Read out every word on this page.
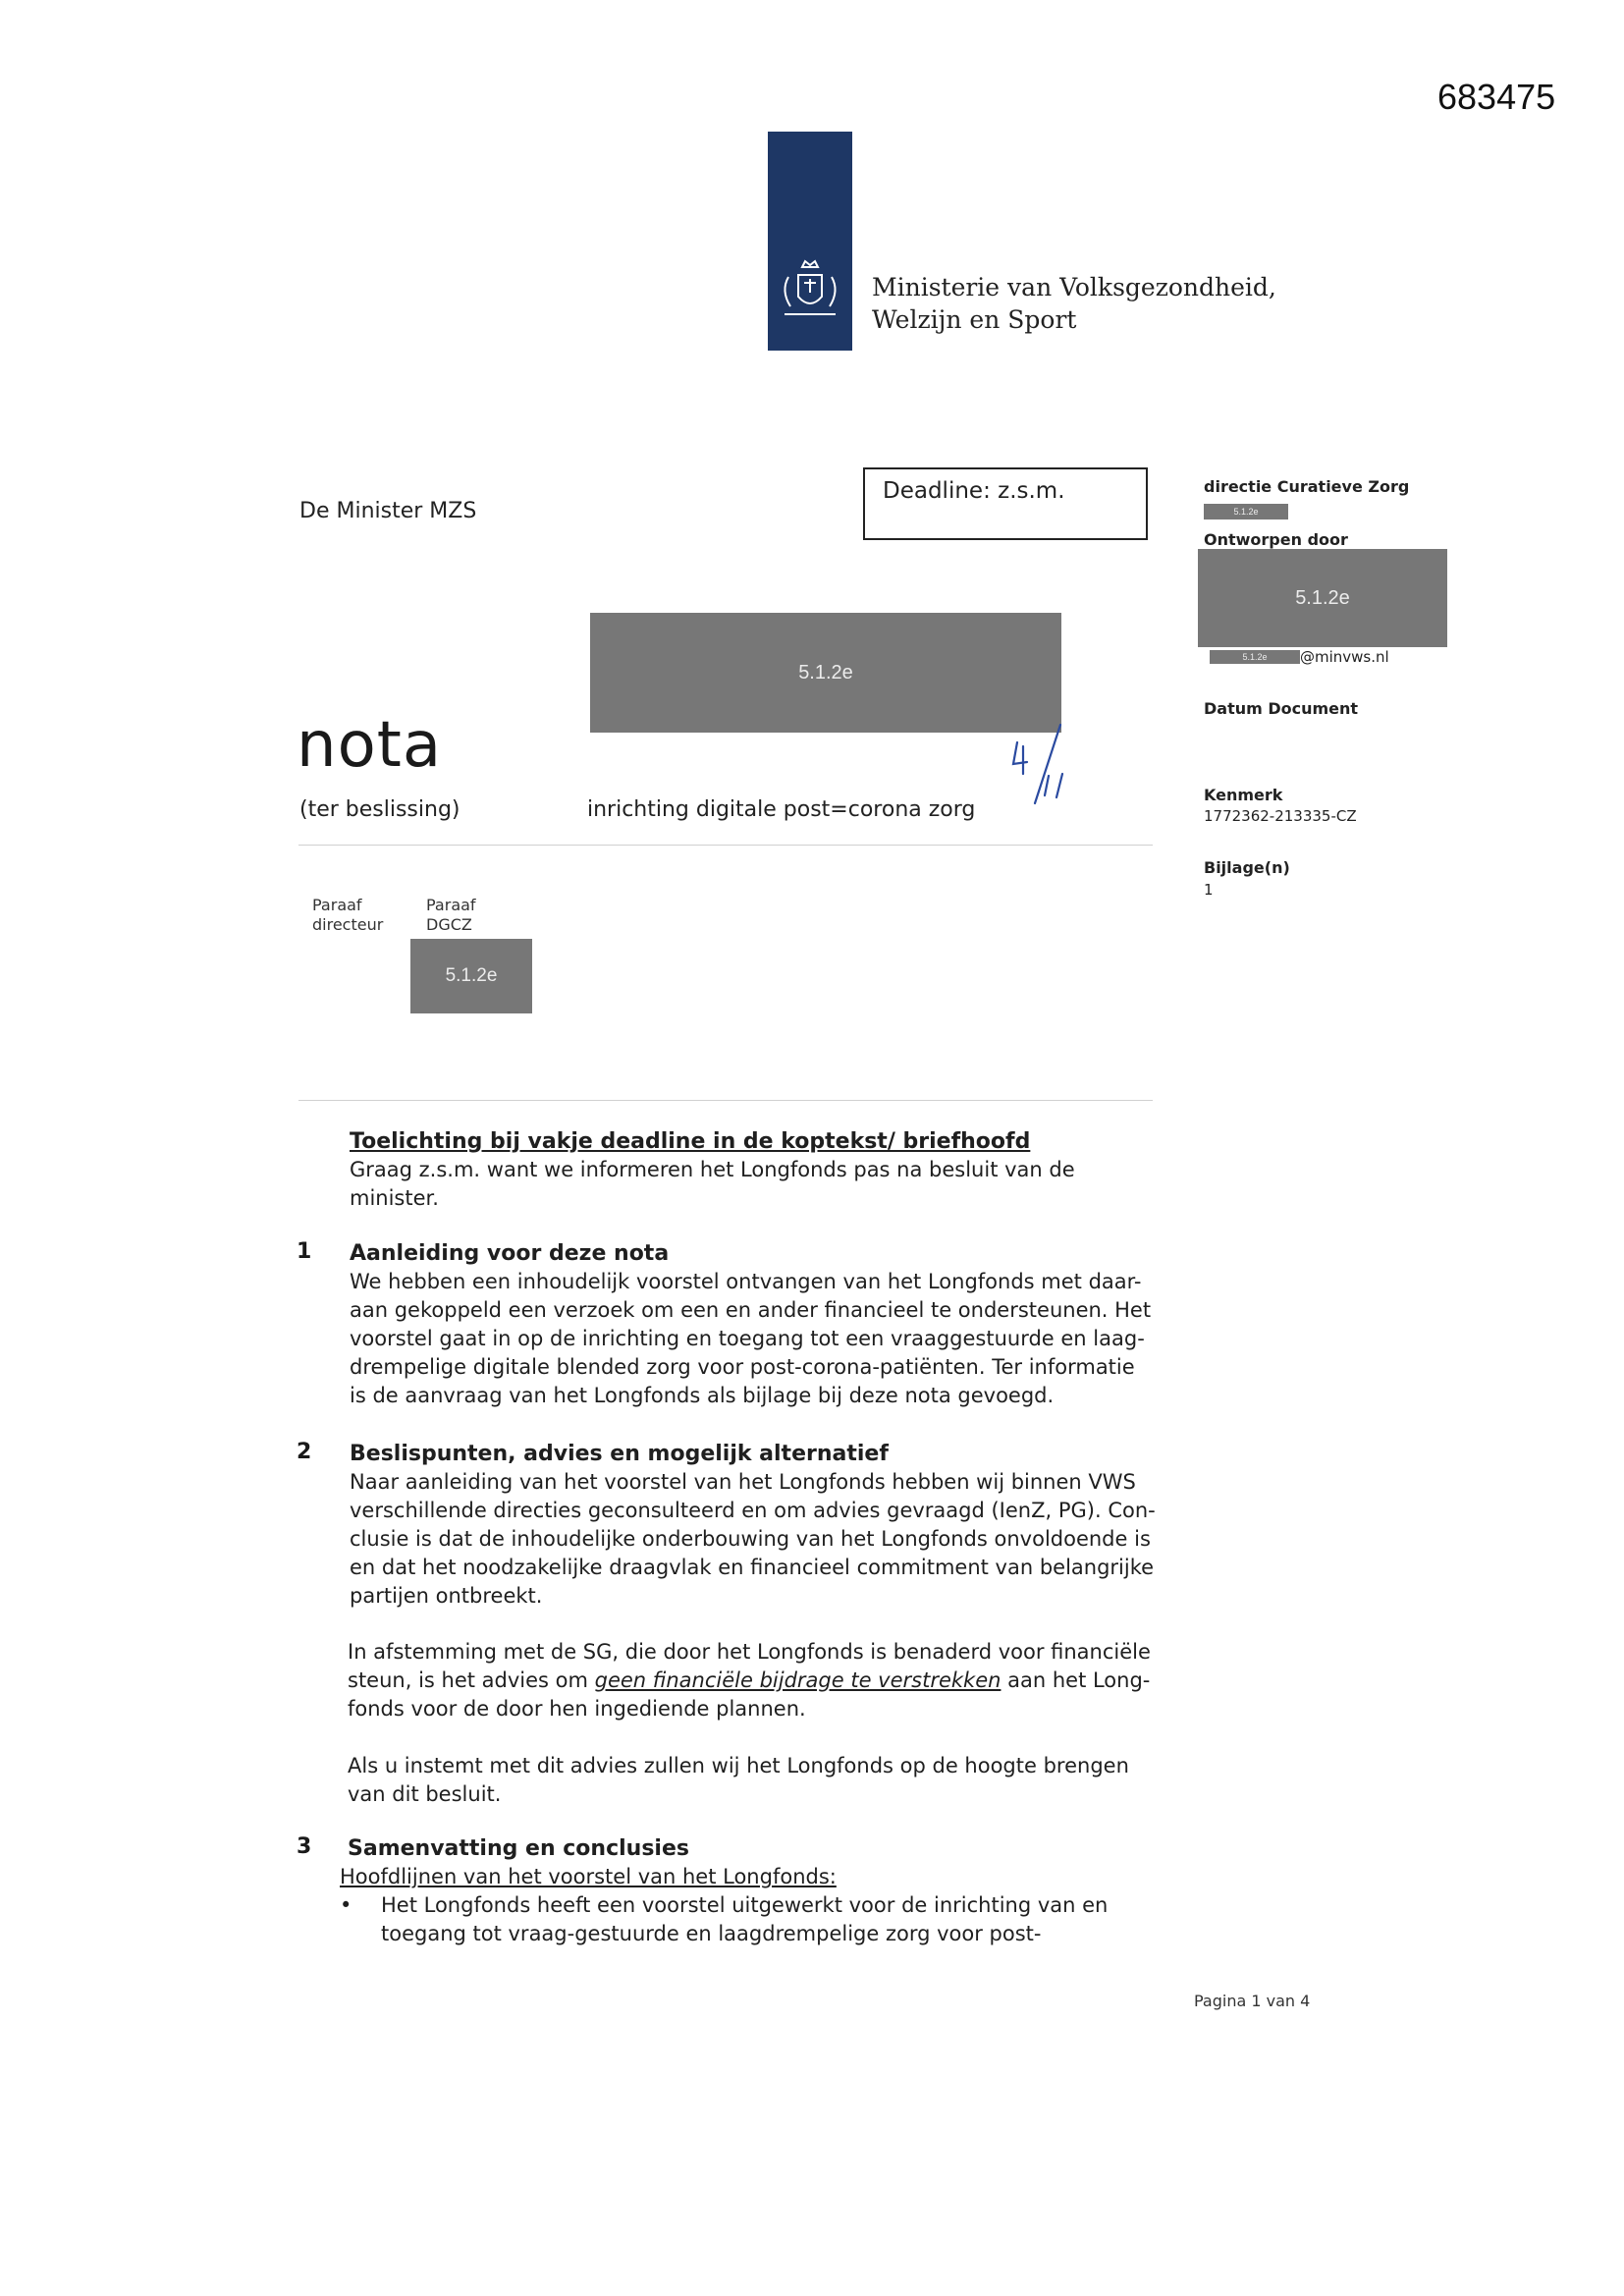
683475
Ministerie van Volksgezondheid,
Welzijn en Sport
De Minister MZS
Deadline: z.s.m.	directie Curatieve Zorg
5.1.2e
Ontworpen door
5.1.2e
5.1.2e	@minvws.nl
Datum Document
Kenmerk
1772362-213335-CZ
Bijlage(n)
1
5.1.2e
nota
(ter beslissing)	inrichting digitale post=corona zorg
Paraaf
directeur
Paraaf
DGCZ
5.1.2e
Toelichting bij vakje deadline in de koptekst/ briefhoofd
Graag z.s.m. want we informeren het Longfonds pas na besluit van de
minister.
1 Aanleiding voor deze nota
We hebben een inhoudelijk voorstel ontvangen van het Longfonds met daar-
aan gekoppeld een verzoek om een en ander financieel te ondersteunen. Het
voorstel gaat in op de inrichting en toegang tot een vraaggestuurde en laag-
drempelige digitale blended zorg voor post-corona-patiënten. Ter informatie
is de aanvraag van het Longfonds als bijlage bij deze nota gevoegd.
2 Beslispunten, advies en mogelijk alternatief
Naar aanleiding van het voorstel van het Longfonds hebben wij binnen VWS
verschillende directies geconsulteerd en om advies gevraagd (IenZ, PG). Con-
clusie is dat de inhoudelijke onderbouwing van het Longfonds onvoldoende is
en dat het noodzakelijke draagvlak en financieel commitment van belangrijke
partijen ontbreekt.
In afstemming met de SG, die door het Longfonds is benaderd voor financiële
steun, is het advies om geen financiële bijdrage te verstrekken aan het Long-
fonds voor de door hen ingediende plannen.
Als u instemt met dit advies zullen wij het Longfonds op de hoogte brengen
van dit besluit.
3 Samenvatting en conclusies
Hoofdlijnen van het voorstel van het Longfonds:
• Het Longfonds heeft een voorstel uitgewerkt voor de inrichting van en
toegang tot vraag-gestuurde en laagdrempelige zorg voor post-
Pagina 1 van 4
